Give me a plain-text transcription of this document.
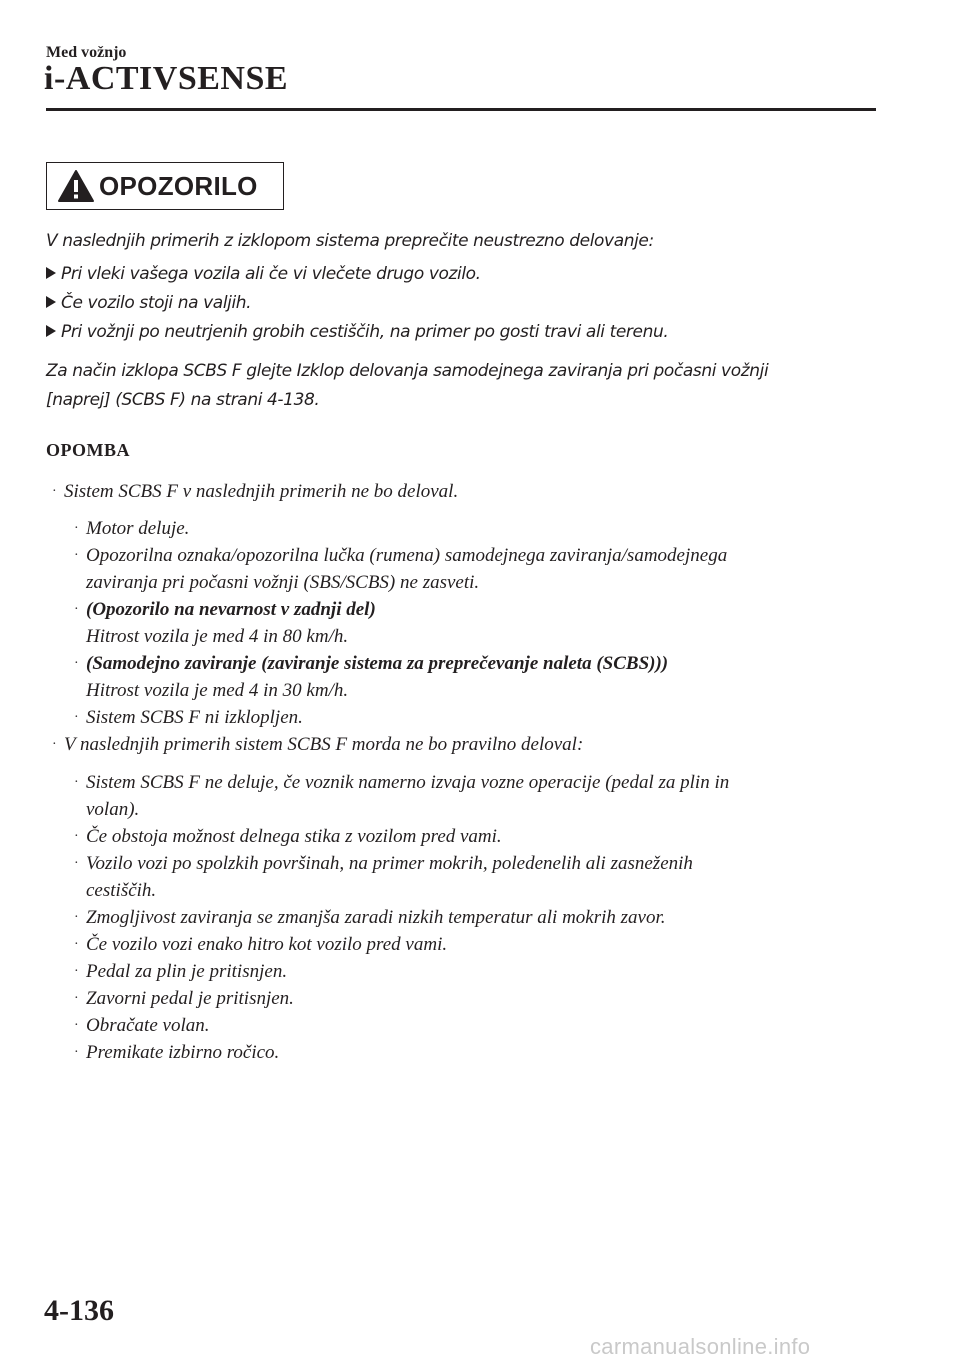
Med vožnjo
i-ACTIVSENSE
OPOZORILO
V naslednjih primerih z izklopom sistema preprečite neustrezno delovanje:
Pri vleki vašega vozila ali če vi vlečete drugo vozilo.
Če vozilo stoji na valjih.
Pri vožnji po neutrjenih grobih cestiščih, na primer po gosti travi ali terenu.
Za način izklopa SCBS F glejte Izklop delovanja samodejnega zaviranja pri počasni vožnji
[naprej] (SCBS F) na strani 4-138.
OPOMBA
· Sistem SCBS F v naslednjih primerih ne bo deloval.
· Motor deluje.
· Opozorilna oznaka/opozorilna lučka (rumena) samodejnega zaviranja/samodejnega
zaviranja pri počasni vožnji (SBS/SCBS) ne zasveti.
· (Opozorilo na nevarnost v zadnji del)
Hitrost vozila je med 4 in 80 km/h.
· (Samodejno zaviranje (zaviranje sistema za preprečevanje naleta (SCBS)))
Hitrost vozila je med 4 in 30 km/h.
· Sistem SCBS F ni izklopljen.
· V naslednjih primerih sistem SCBS F morda ne bo pravilno deloval:
· Sistem SCBS F ne deluje, če voznik namerno izvaja vozne operacije (pedal za plin in
volan).
· Če obstoja možnost delnega stika z vozilom pred vami.
· Vozilo vozi po spolzkih površinah, na primer mokrih, poledenelih ali zasneženih
cestiščih.
· Zmogljivost zaviranja se zmanjša zaradi nizkih temperatur ali mokrih zavor.
· Če vozilo vozi enako hitro kot vozilo pred vami.
· Pedal za plin je pritisnjen.
· Zavorni pedal je pritisnjen.
· Obračate volan.
· Premikate izbirno ročico.
4-136
carmanualsonline.info
